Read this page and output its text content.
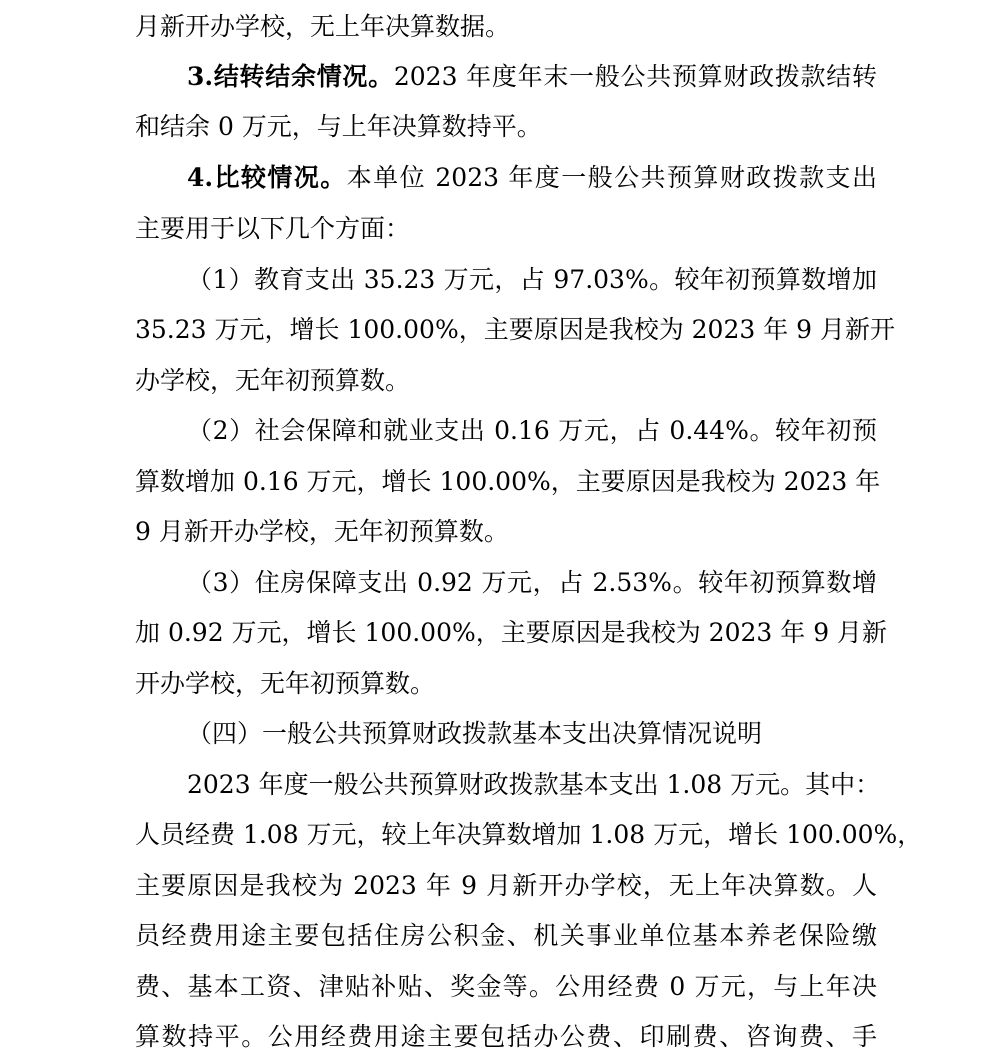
月新开办学校，无上年决算数据。
3.结转结余情况。2023 年度年末一般公共预算财政拨款结转
和结余 0 万元，与上年决算数持平。
4.比较情况。本单位 2023 年度一般公共预算财政拨款支出
主要用于以下几个方面：
（1）教育支出 35.23 万元，占 97.03%。较年初预算数增加
35.23 万元，增长 100.00%，主要原因是我校为 2023 年 9 月新开
办学校，无年初预算数。
（2）社会保障和就业支出 0.16 万元，占 0.44%。较年初预
算数增加 0.16 万元，增长 100.00%，主要原因是我校为 2023 年
9 月新开办学校，无年初预算数。
（3）住房保障支出 0.92 万元，占 2.53%。较年初预算数增
加 0.92 万元，增长 100.00%，主要原因是我校为 2023 年 9 月新
开办学校，无年初预算数。
（四）一般公共预算财政拨款基本支出决算情况说明
2023 年度一般公共预算财政拨款基本支出 1.08 万元。其中：
人员经费 1.08 万元，较上年决算数增加 1.08 万元，增长 100.00%，
主要原因是我校为 2023 年 9 月新开办学校，无上年决算数。人
员经费用途主要包括住房公积金、机关事业单位基本养老保险缴
费、基本工资、津贴补贴、奖金等。公用经费 0 万元，与上年决
算数持平。公用经费用途主要包括办公费、印刷费、咨询费、手
